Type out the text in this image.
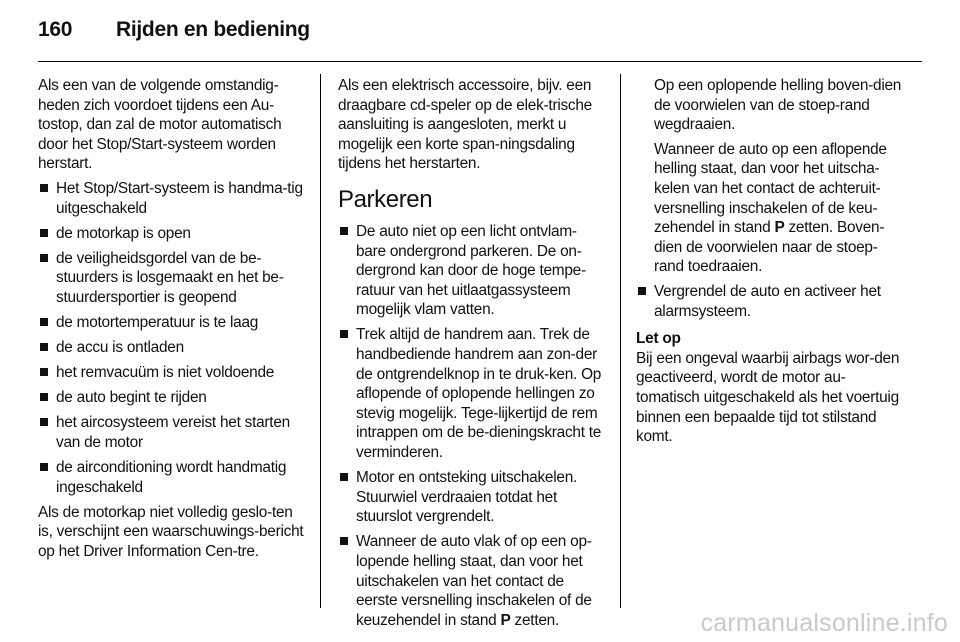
160 Rijden en bediening

Als een van de volgende omstandig-heden zich voordoet tijdens een Au-tostop, dan zal de motor automatisch door het Stop/Start-systeem worden herstart.

Het Stop/Start-systeem is handma-tig uitgeschakeld
de motorkap is open
de veiligheidsgordel van de be-stuurders is losgemaakt en het be-stuurdersportier is geopend
de motortemperatuur is te laag
de accu is ontladen
het remvacuüm is niet voldoende
de auto begint te rijden
het aircosysteem vereist het starten van de motor
de airconditioning wordt handmatig ingeschakeld

Als de motorkap niet volledig geslo-ten is, verschijnt een waarschuwings-bericht op het Driver Information Cen-tre.

Als een elektrisch accessoire, bijv. een draagbare cd-speler op de elek-trische aansluiting is aangesloten, merkt u mogelijk een korte span-ningsdaling tijdens het herstarten.

Parkeren
De auto niet op een licht ontvlam-bare ondergrond parkeren. De on-dergrond kan door de hoge tempe-ratuur van het uitlaatgassysteem mogelijk vlam vatten.
Trek altijd de handrem aan. Trek de handbediende handrem aan zon-der de ontgrendelknop in te druk-ken. Op aflopende of oplopende hellingen zo stevig mogelijk. Tege-lijkertijd de rem intrappen om de be-dieningskracht te verminderen.
Motor en ontsteking uitschakelen. Stuurwiel verdraaien totdat het stuurslot vergrendelt.
Wanneer de auto vlak of op een op-lopende helling staat, dan voor het uitschakelen van het contact de eerste versnelling inschakelen of de keuzehendel in stand P zetten.

Op een oplopende helling boven-dien de voorwielen van de stoep-rand wegdraaien.

Wanneer de auto op een aflopende helling staat, dan voor het uitscha-kelen van het contact de achteruit-versnelling inschakelen of de keu-zehendel in stand P zetten. Boven-dien de voorwielen naar de stoep-rand toedraaien.

Vergrendel de auto en activeer het alarmsysteem.
Let op

Bij een ongeval waarbij airbags wor-den geactiveerd, wordt de motor au-tomatisch uitgeschakeld als het voertuig binnen een bepaalde tijd tot stilstand komt.

carmanualsonline.info
